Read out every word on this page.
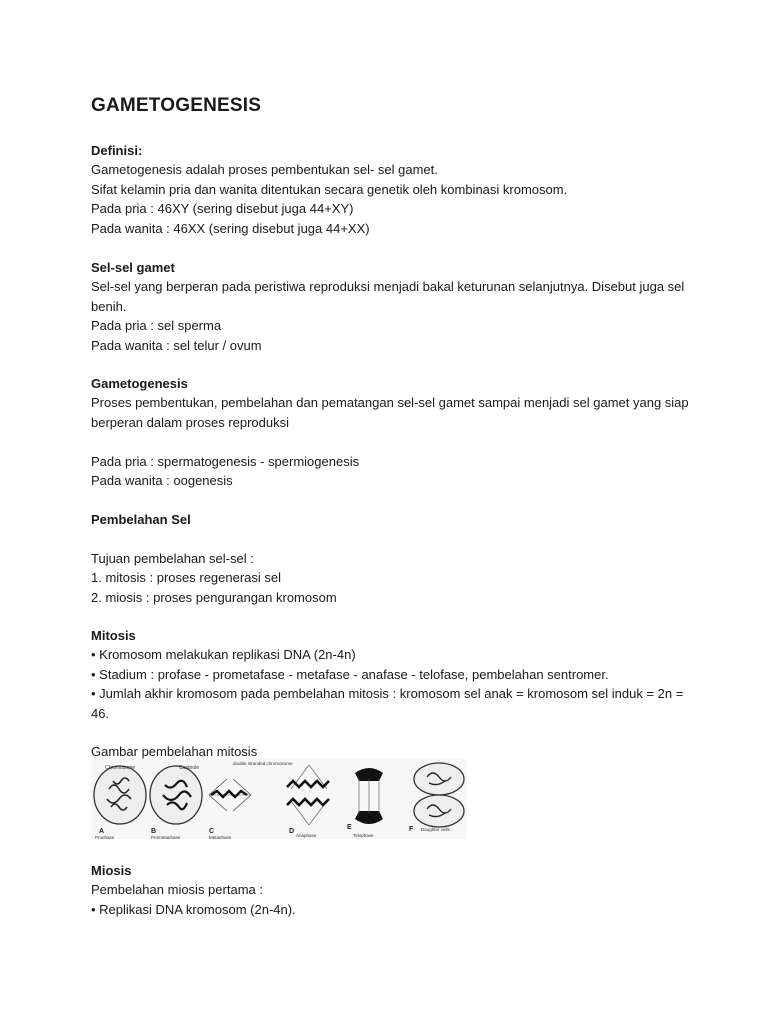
GAMETOGENESIS
Definisi:
Gametogenesis adalah proses pembentukan sel- sel gamet.
Sifat kelamin pria dan wanita ditentukan secara genetik oleh kombinasi kromosom.
Pada pria : 46XY (sering disebut juga 44+XY)
Pada wanita : 46XX (sering disebut juga 44+XX)
Sel-sel gamet
Sel-sel yang berperan pada peristiwa reproduksi menjadi bakal keturunan selanjutnya. Disebut juga sel benih.
Pada pria : sel sperma
Pada wanita : sel telur / ovum
Gametogenesis
Proses pembentukan, pembelahan dan pematangan sel-sel gamet sampai menjadi sel gamet yang siap berperan dalam proses reproduksi
Pada pria : spermatogenesis - spermiogenesis
Pada wanita : oogenesis
Pembelahan Sel
Tujuan pembelahan sel-sel :
1. mitosis : proses regenerasi sel
2. miosis : proses pengurangan kromosom
Mitosis
• Kromosom melakukan replikasi DNA (2n-4n)
• Stadium : profase - prometafase - metafase - anafase - telofase, pembelahan sentromer.
• Jumlah akhir kromosom pada pembelahan mitosis : kromosom sel anak = kromosom sel induk = 2n = 46.
Gambar pembelahan mitosis
Chromosome
A
Prophase
Centriole
B
Prometaphase
double stranded chromosome
C
Metaphase
D
Anaphase
E
Telophase
F Daughter cells
Miosis
Pembelahan miosis pertama :
• Replikasi DNA kromosom (2n-4n).
